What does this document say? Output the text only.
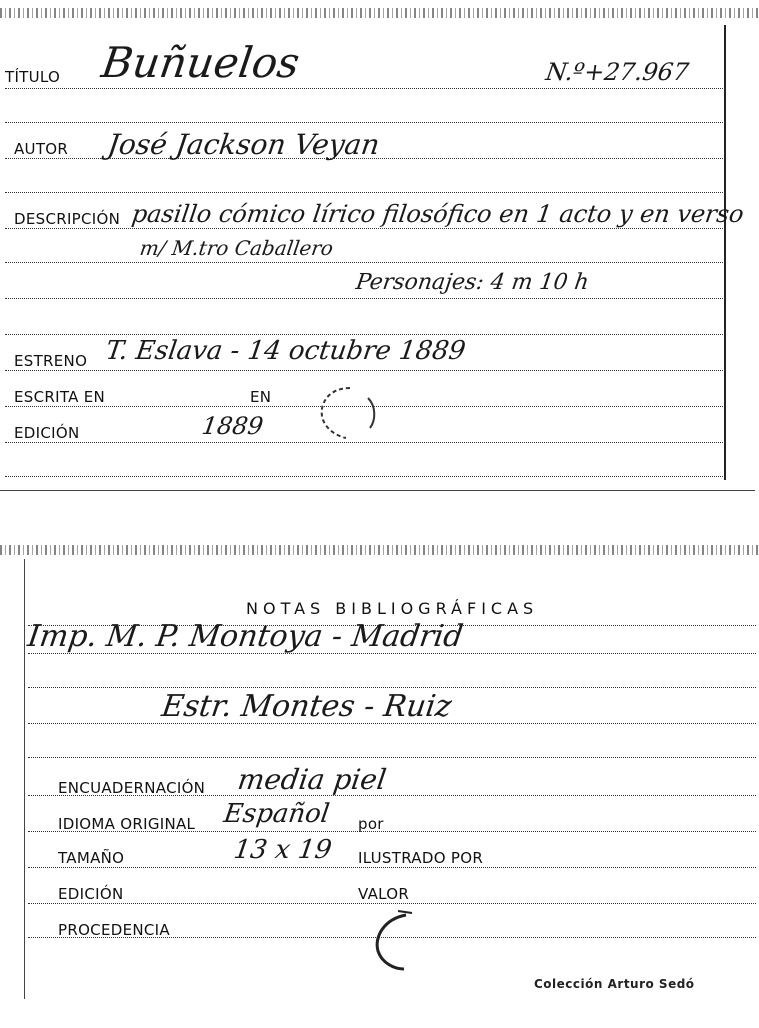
TÍTULO Buñuelos	N.º+27.967
AUTOR José Jackson Veyan
DESCRIPCIÓN pasillo cómico lírico filosófico en 1 acto y en verso
m/ M.tro Caballero
Personajes: 4 m 10 h
ESTRENO T. Eslava - 14 octubre 1889
ESCRITA EN	EN
EDICIÓN	1889
NOTAS BIBLIOGRÁFICAS
Imp. M. P. Montoya - Madrid
Estr. Montes - Ruiz
ENCUADERNACIÓN media piel
IDIOMA ORIGINAL Español por
TAMAÑO	13 x 19 ILUSTRADO POR
EDICIÓN	VALOR
PROCEDENCIA
Colección Arturo Sedó
